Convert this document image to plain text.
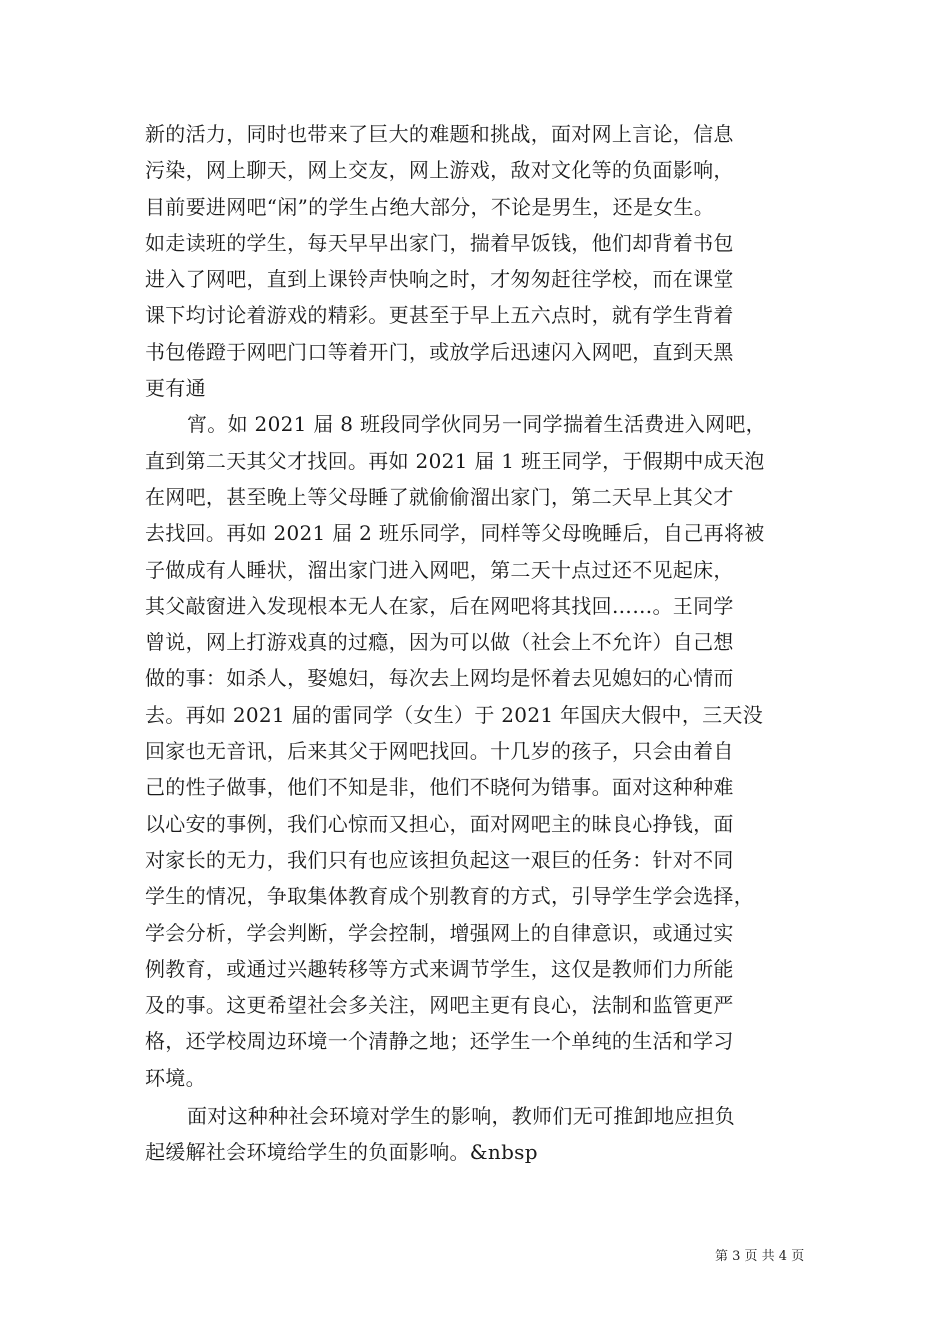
新的活力，同时也带来了巨大的难题和挑战，面对网上言论，信息
污染，网上聊天，网上交友，网上游戏，敌对文化等的负面影响，
目前要进网吧“闲”的学生占绝大部分，不论是男生，还是女生。
如走读班的学生，每天早早出家门，揣着早饭钱，他们却背着书包
进入了网吧，直到上课铃声快响之时，才匆匆赶往学校，而在课堂
课下均讨论着游戏的精彩。更甚至于早上五六点时，就有学生背着
书包倦蹬于网吧门口等着开门，或放学后迅速闪入网吧，直到天黑
更有通
宵。如 2021 届 8 班段同学伙同另一同学揣着生活费进入网吧，
直到第二天其父才找回。再如 2021 届 1 班王同学，于假期中成天泡
在网吧，甚至晚上等父母睡了就偷偷溜出家门，第二天早上其父才
去找回。再如 2021 届 2 班乐同学，同样等父母晚睡后，自己再将被
子做成有人睡状，溜出家门进入网吧，第二天十点过还不见起床，
其父敲窗进入发现根本无人在家，后在网吧将其找回……。王同学
曾说，网上打游戏真的过瘾，因为可以做（社会上不允许）自己想
做的事：如杀人，娶媳妇，每次去上网均是怀着去见媳妇的心情而
去。再如 2021 届的雷同学（女生）于 2021 年国庆大假中，三天没
回家也无音讯，后来其父于网吧找回。十几岁的孩子，只会由着自
己的性子做事，他们不知是非，他们不晓何为错事。面对这种种难
以心安的事例，我们心惊而又担心，面对网吧主的昧良心挣钱，面
对家长的无力，我们只有也应该担负起这一艰巨的任务：针对不同
学生的情况，争取集体教育成个别教育的方式，引导学生学会选择，
学会分析，学会判断，学会控制，增强网上的自律意识，或通过实
例教育，或通过兴趣转移等方式来调节学生，这仅是教师们力所能
及的事。这更希望社会多关注，网吧主更有良心，法制和监管更严
格，还学校周边环境一个清静之地；还学生一个单纯的生活和学习
环境。
面对这种种社会环境对学生的影响，教师们无可推卸地应担负
起缓解社会环境给学生的负面影响。&nbsp
第 3 页 共 4 页
